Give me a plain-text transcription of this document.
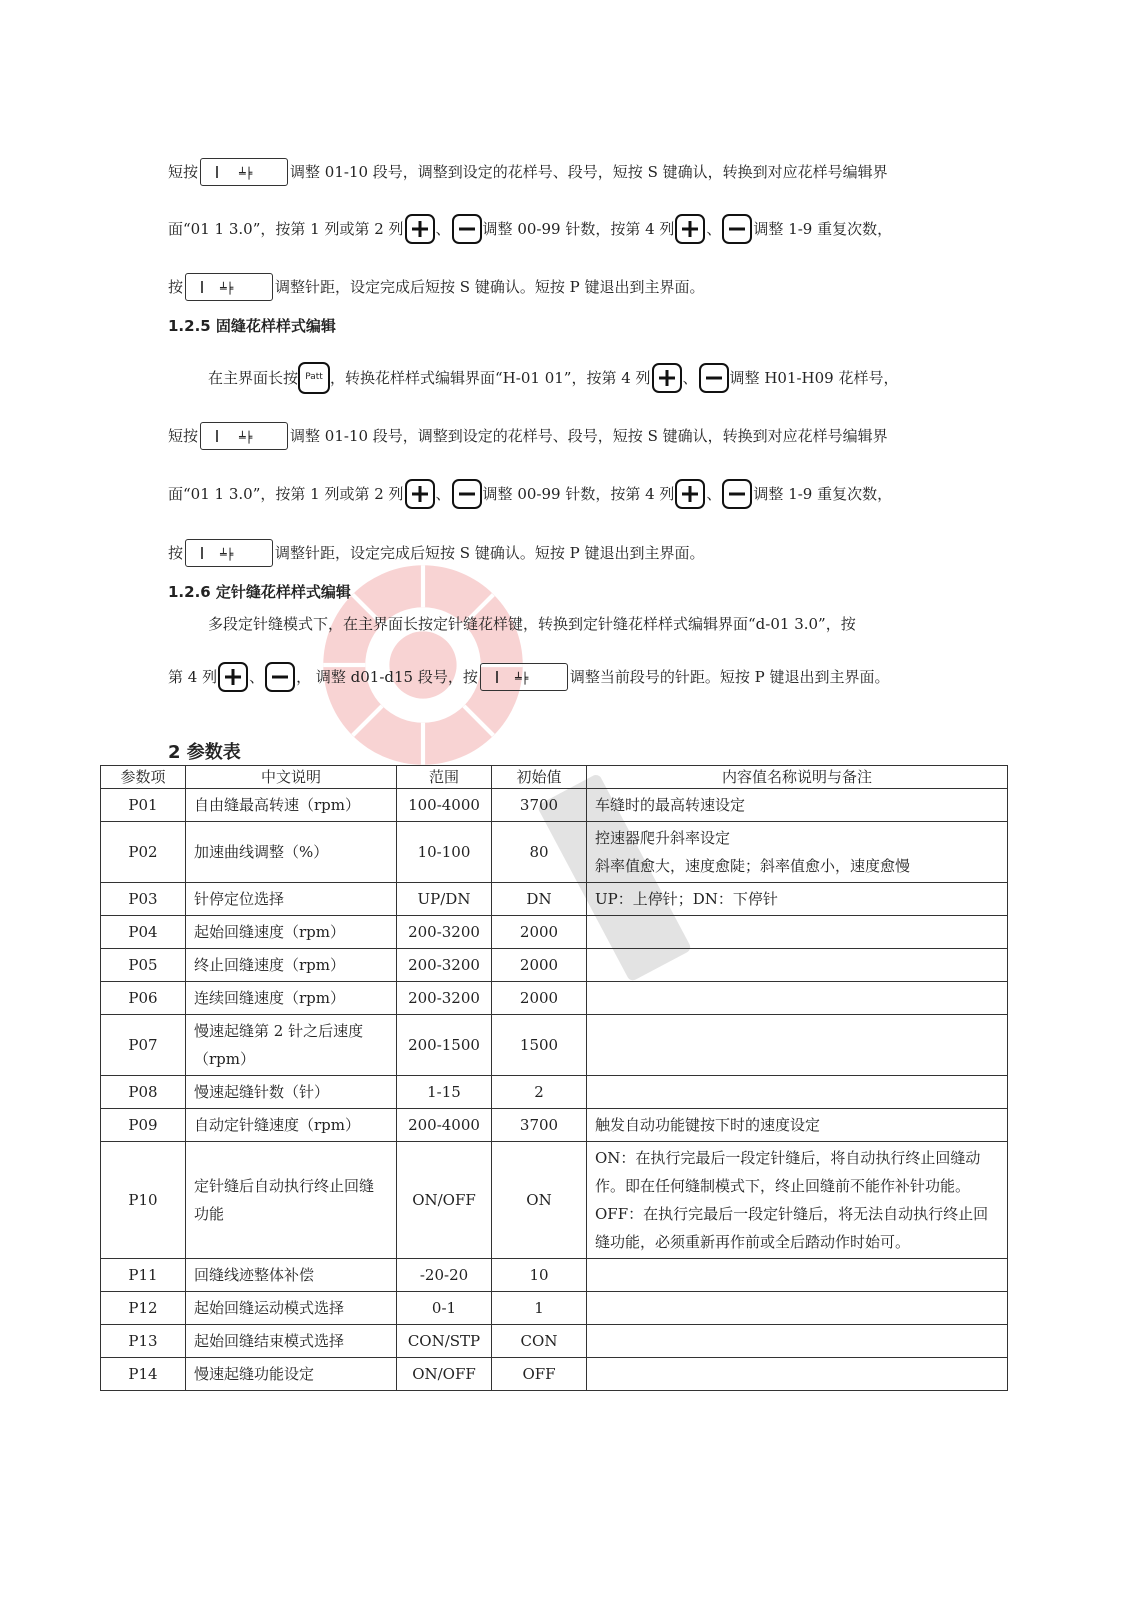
短按	╧╞	调整 01-10 段号，调整到设定的花样号、段号，短按 S 键确认，转换到对应花样号编辑界
面“01 1 3.0”，按第 1 列或第 2 列 、 调整 00-99 针数，按第 4 列 、 调整 1-9 重复次数，
按	╧╞	调整针距，设定完成后短按 S 键确认。短按 P 键退出到主界面。
1.2.5 固缝花样样式编辑
在主界面长按 Patt ，转换花样样式编辑界面“H-01 01”，按第 4 列 、 调整 H01-H09 花样号，
短按	╧╞	调整 01-10 段号，调整到设定的花样号、段号，短按 S 键确认，转换到对应花样号编辑界
面“01 1 3.0”，按第 1 列或第 2 列 、 调整 00-99 针数，按第 4 列 、 调整 1-9 重复次数，
按	╧╞	调整针距，设定完成后短按 S 键确认。短按 P 键退出到主界面。
1.2.6 定针缝花样样式编辑
多段定针缝模式下，在主界面长按定针缝花样键，转换到定针缝花样样式编辑界面“d-01 3.0”，按
第 4 列 、 ， 调整 d01-d15 段号，按	╧╞	调整当前段号的针距。短按 P 键退出到主界面。
2 参数表
参数项	中文说明	范围	初始值	内容值名称说明与备注
P01	自由缝最高转速（rpm）	100-4000	3700	车缝时的最高转速设定

P02	加速曲线调整（%）	10-100	80	控速器爬升斜率设定
斜率值愈大，速度愈陡；斜率值愈小，速度愈慢

P03	针停定位选择	UP/DN	DN	UP：上停针；DN：下停针

P04	起始回缝速度（rpm）	200-3200	2000	
P05	终止回缝速度（rpm）	200-3200	2000	
P06	连续回缝速度（rpm）	200-3200	2000	
P07	慢速起缝第 2 针之后速度（rpm）	200-1500	1500	
P08	慢速起缝针数（针）	1-15	2	
P09	自动定针缝速度（rpm）	200-4000	3700	触发自动功能键按下时的速度设定

P10	定针缝后自动执行终止回缝功能	ON/OFF	ON	ON：在执行完最后一段定针缝后，将自动执行终止回缝动作。即在任何缝制模式下，终止回缝前不能作补针功能。
OFF：在执行完最后一段定针缝后，将无法自动执行终止回缝功能，必须重新再作前或全后踏动作时始可。

P11	回缝线迹整体补偿	-20-20	10	
P12	起始回缝运动模式选择	0-1	1	
P13	起始回缝结束模式选择	CON/STP	CON	
P14	慢速起缝功能设定	ON/OFF	OFF	
